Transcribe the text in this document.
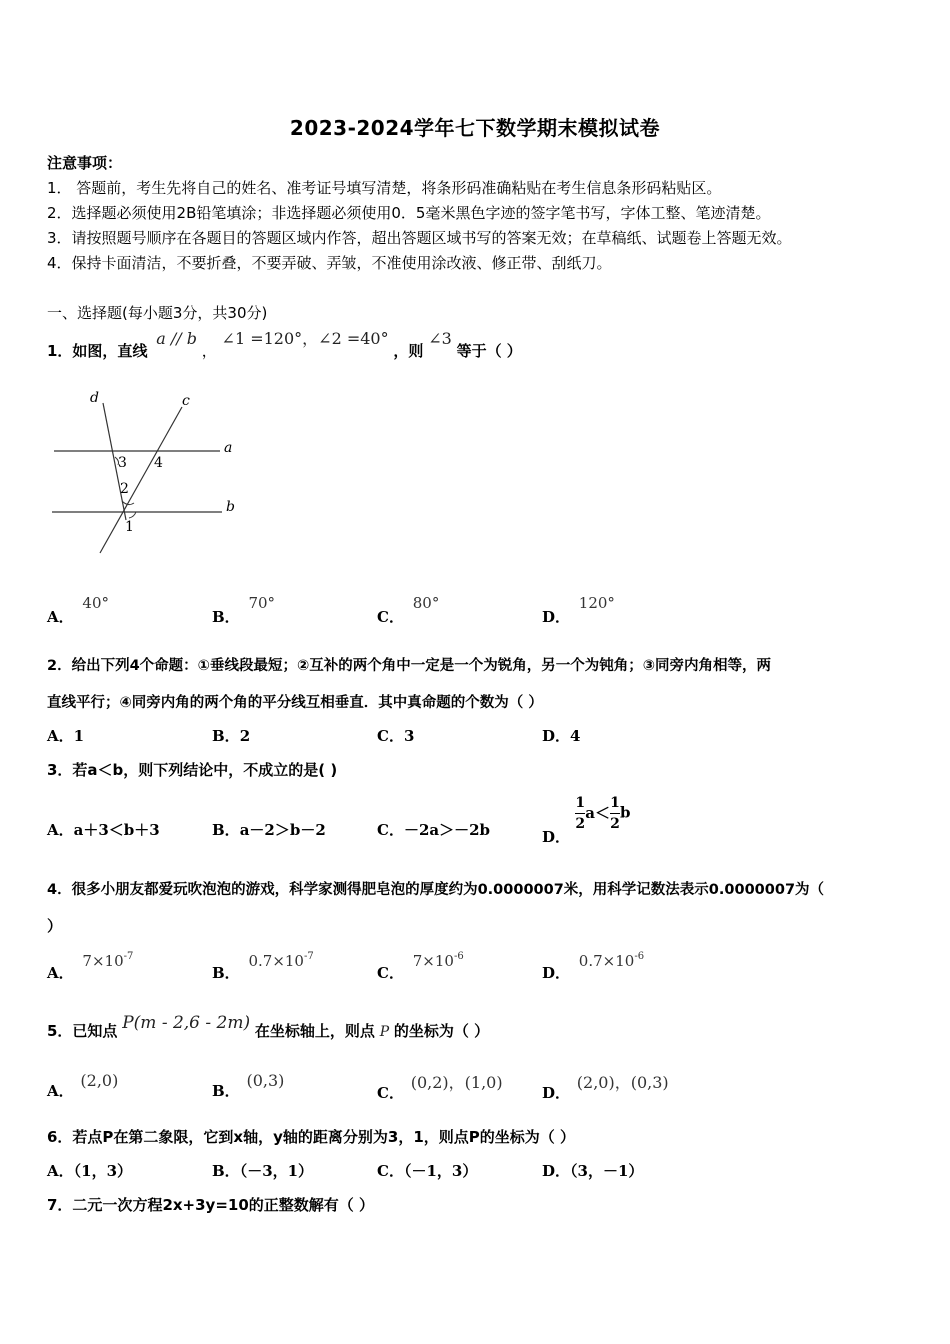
2023-2024学年七下数学期末模拟试卷
注意事项：
1． 答题前，考生先将自己的姓名、准考证号填写清楚，将条形码准确粘贴在考生信息条形码粘贴区。
2．选择题必须使用2B铅笔填涂；非选择题必须使用0．5毫米黑色字迹的签字笔书写，字体工整、笔迹清楚。
3．请按照题号顺序在各题目的答题区域内作答，超出答题区域书写的答案无效；在草稿纸、试题卷上答题无效。
4．保持卡面清洁，不要折叠，不要弄破、弄皱，不准使用涂改液、修正带、刮纸刀。
一、选择题(每小题3分，共30分)
1．如图，直线 a // b ， ∠1 =120°，∠2 =40° ，则 ∠3 等于（ ）
d	c
a
b
3 4
2
1
A． 40°
B． 70°
C． 80°
D． 120°
2．给出下列4个命题：①垂线段最短；②互补的两个角中一定是一个为锐角，另一个为钝角；③同旁内角相等，两
直线平行；④同旁内角的两个角的平分线互相垂直．其中真命题的个数为（ ）
A．1	B．2	C．3	D．4
3．若a＜b，则下列结论中，不成立的是( )
A．a＋3＜b＋3	B．a－2＞b－2	C．－2a＞－2b	D． $\frac{1}{2}a<\frac{1}{2}b$
4．很多小朋友都爱玩吹泡泡的游戏，科学家测得肥皂泡的厚度约为0.0000007米，用科学记数法表示0.0000007为（
）
A． $7\times 10^{-7}$
B． $0.7\times 10^{-7}$
C． $7\times 10^{-6}$
D． $0.7\times 10^{-6}$
5．已知点 P(m - 2,6 - 2m) 在坐标轴上，则点 P 的坐标为（ ）
A． (2,0)
B． (0,3)
C． (0,2)，(1,0)
D． (2,0)，(0,3)
6．若点P在第二象限，它到x轴，y轴的距离分别为3，1，则点P的坐标为（ ）
A．（1，3）	B．（－3，1）	C．（－1，3）	D．（3，－1）
7．二元一次方程2x+3y=10的正整数解有（ ）
